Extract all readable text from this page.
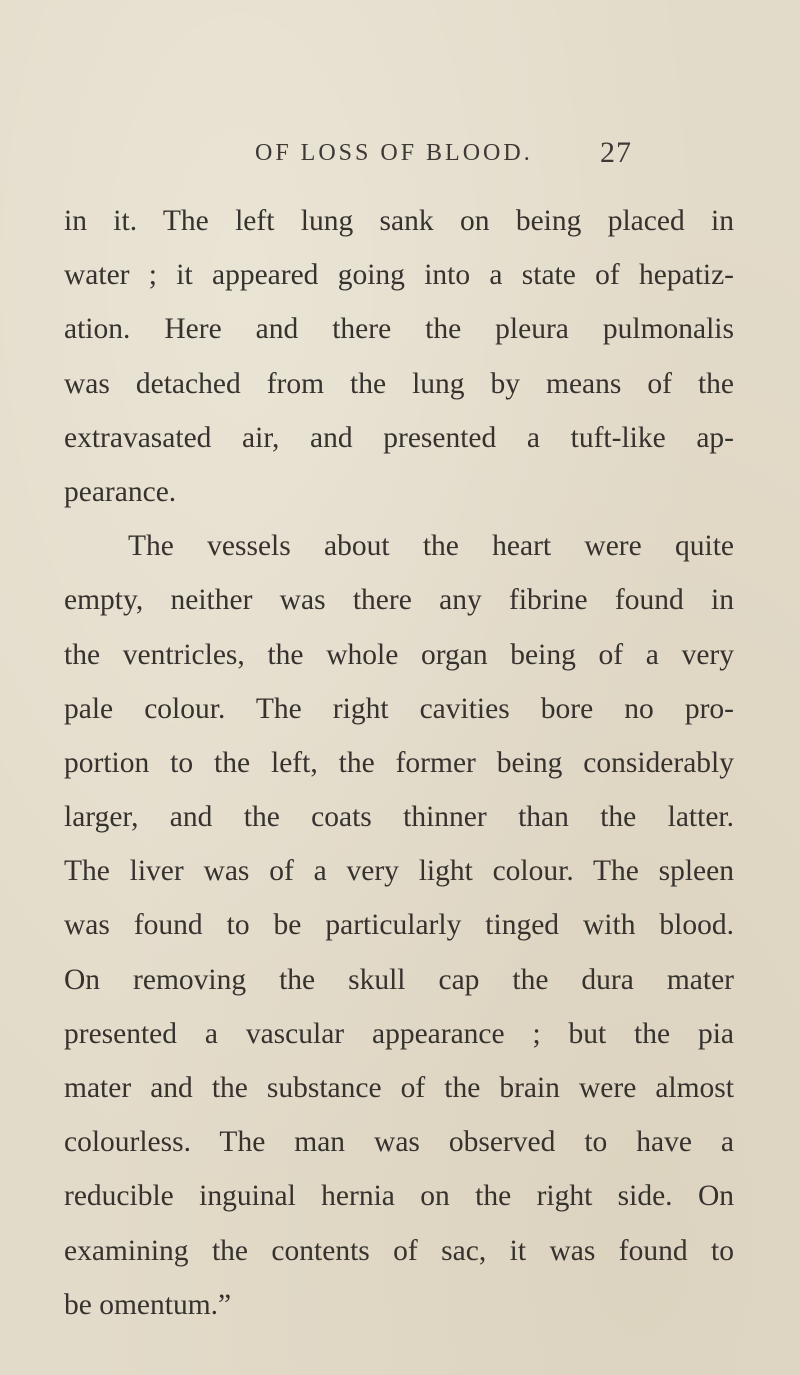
OF LOSS OF BLOOD. 27
in it. The left lung sank on being placed in
water ; it appeared going into a state of hepatiz-
ation. Here and there the pleura pulmonalis
was detached from the lung by means of the
extravasated air, and presented a tuft-like ap-
pearance.
The vessels about the heart were quite
empty, neither was there any fibrine found in
the ventricles, the whole organ being of a very
pale colour. The right cavities bore no pro-
portion to the left, the former being considerably
larger, and the coats thinner than the latter.
The liver was of a very light colour. The spleen
was found to be particularly tinged with blood.
On removing the skull cap the dura mater
presented a vascular appearance ; but the pia
mater and the substance of the brain were almost
colourless. The man was observed to have a
reducible inguinal hernia on the right side. On
examining the contents of sac, it was found to
be omentum.”
